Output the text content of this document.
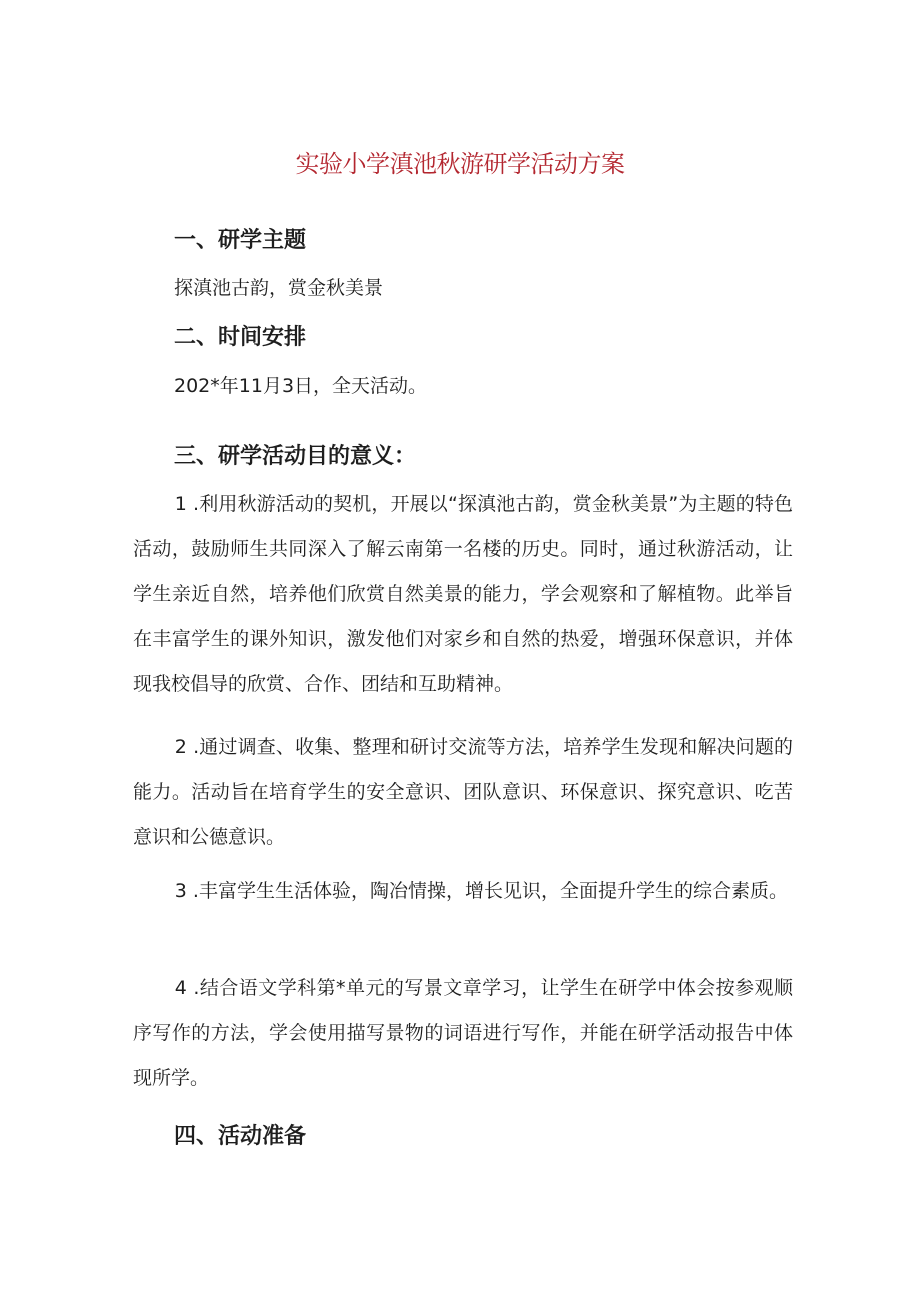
实验小学滇池秋游研学活动方案
一、研学主题
探滇池古韵，赏金秋美景
二、时间安排
202*年11月3日，全天活动。
三、研学活动目的意义：
1 .利用秋游活动的契机，开展以“探滇池古韵，赏金秋美景”为主题的特色活动，鼓励师生共同深入了解云南第一名楼的历史。同时，通过秋游活动，让学生亲近自然，培养他们欣赏自然美景的能力，学会观察和了解植物。此举旨在丰富学生的课外知识，激发他们对家乡和自然的热爱，增强环保意识，并体现我校倡导的欣赏、合作、团结和互助精神。
2 .通过调查、收集、整理和研讨交流等方法，培养学生发现和解决问题的能力。活动旨在培育学生的安全意识、团队意识、环保意识、探究意识、吃苦意识和公德意识。
3 .丰富学生生活体验，陶冶情操，增长见识，全面提升学生的综合素质。
4 .结合语文学科第*单元的写景文章学习，让学生在研学中体会按参观顺序写作的方法，学会使用描写景物的词语进行写作，并能在研学活动报告中体现所学。
四、活动准备
